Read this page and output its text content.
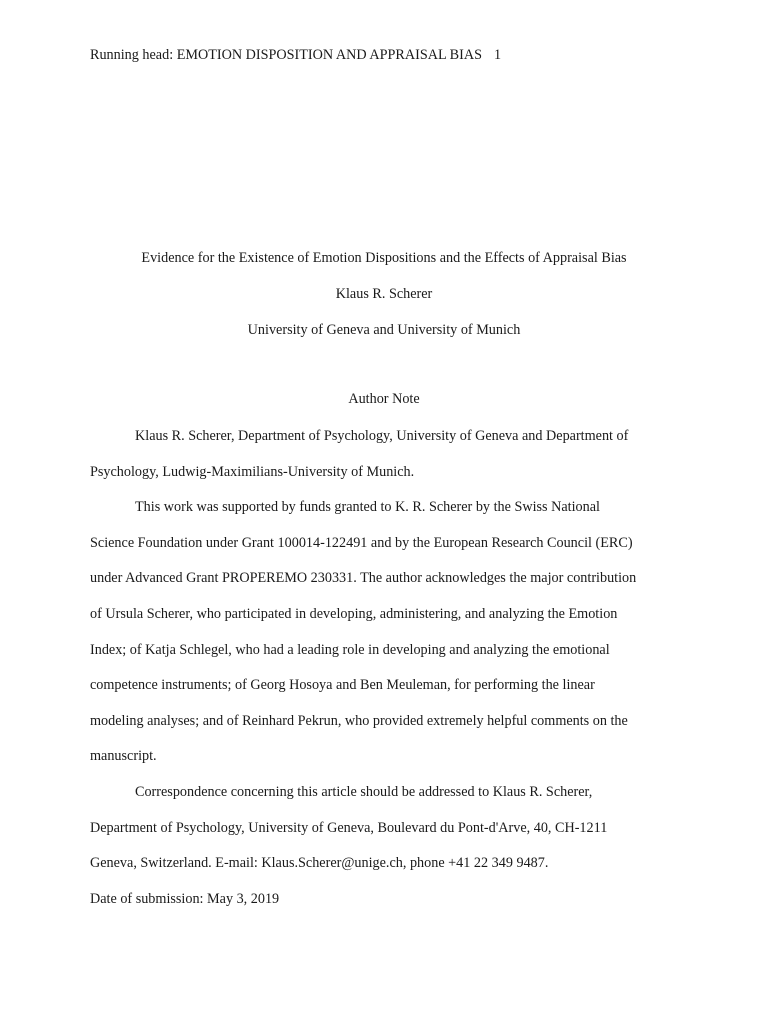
Running head: EMOTION DISPOSITION AND APPRAISAL BIAS 1
Evidence for the Existence of Emotion Dispositions and the Effects of Appraisal Bias
Klaus R. Scherer
University of Geneva and University of Munich
Author Note
Klaus R. Scherer, Department of Psychology, University of Geneva and Department of
Psychology, Ludwig-Maximilians-University of Munich.
This work was supported by funds granted to K. R. Scherer by the Swiss National
Science Foundation under Grant 100014-122491 and by the European Research Council (ERC)
under Advanced Grant PROPEREMO 230331. The author acknowledges the major contribution
of Ursula Scherer, who participated in developing, administering, and analyzing the Emotion
Index; of Katja Schlegel, who had a leading role in developing and analyzing the emotional
competence instruments; of Georg Hosoya and Ben Meuleman, for performing the linear
modeling analyses; and of Reinhard Pekrun, who provided extremely helpful comments on the
manuscript.
Correspondence concerning this article should be addressed to Klaus R. Scherer,
Department of Psychology, University of Geneva, Boulevard du Pont-d'Arve, 40, CH-1211
Geneva, Switzerland. E-mail: Klaus.Scherer@unige.ch, phone +41 22 349 9487.
Date of submission: May 3, 2019
